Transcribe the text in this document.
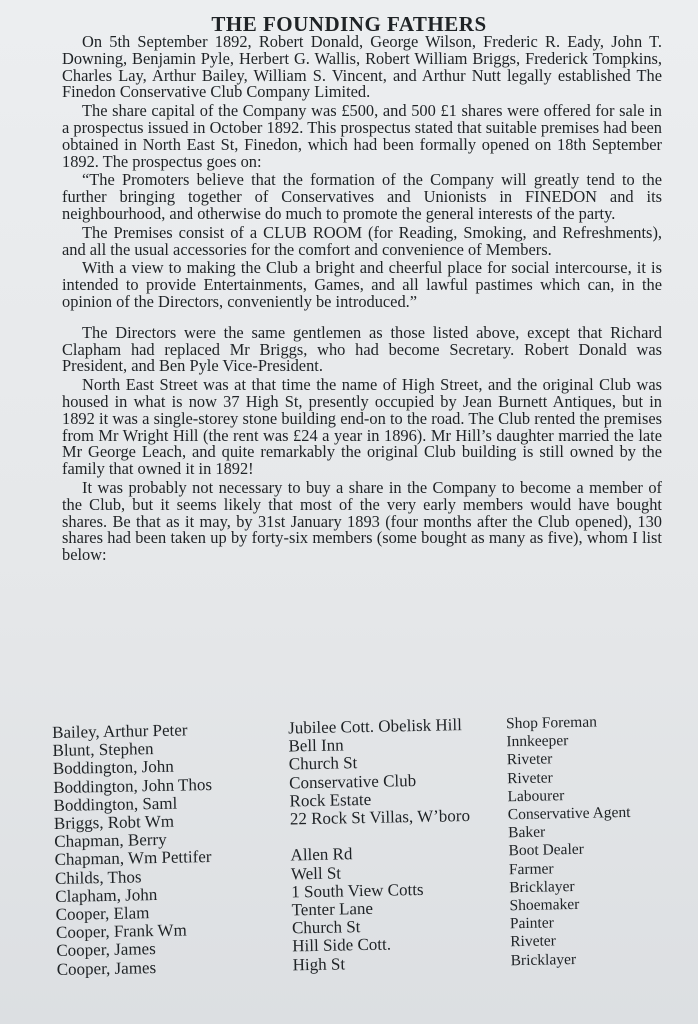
THE FOUNDING FATHERS

On 5th September 1892, Robert Donald, George Wilson, Frederic R. Eady, John T. Downing, Benjamin Pyle, Herbert G. Wallis, Robert William Briggs, Frederick Tompkins, Charles Lay, Arthur Bailey, William S. Vincent, and Arthur Nutt legally established The Finedon Conservative Club Company Limited.

The share capital of the Company was £500, and 500 £1 shares were offered for sale in a prospectus issued in October 1892. This prospectus stated that suitable premises had been obtained in North East St, Finedon, which had been formally opened on 18th September 1892. The prospectus goes on:

“The Promoters believe that the formation of the Company will greatly tend to the further bringing together of Conservatives and Unionists in FINEDON and its neighbourhood, and otherwise do much to promote the general interests of the party.

The Premises consist of a CLUB ROOM (for Reading, Smoking, and Refreshments), and all the usual accessories for the comfort and convenience of Members.

With a view to making the Club a bright and cheerful place for social intercourse, it is intended to provide Entertainments, Games, and all lawful pastimes which can, in the opinion of the Directors, conveniently be introduced.”

The Directors were the same gentlemen as those listed above, except that Richard Clapham had replaced Mr Briggs, who had become Secretary. Robert Donald was President, and Ben Pyle Vice-President.

North East Street was at that time the name of High Street, and the original Club was housed in what is now 37 High St, presently occupied by Jean Burnett Antiques, but in 1892 it was a single-storey stone building end-on to the road. The Club rented the premises from Mr Wright Hill (the rent was £24 a year in 1896). Mr Hill’s daughter married the late Mr George Leach, and quite remarkably the original Club building is still owned by the family that owned it in 1892!

It was probably not necessary to buy a share in the Company to become a member of the Club, but it seems likely that most of the very early members would have bought shares. Be that as it may, by 31st January 1893 (four months after the Club opened), 130 shares had been taken up by forty-six members (some bought as many as five), whom I list below:

Bailey, Arthur Peter	Jubilee Cott. Obelisk Hill	Shop Foreman
Blunt, Stephen	Bell Inn	Innkeeper
Boddington, John	Church St	Riveter
Boddington, John Thos	Conservative Club	Riveter
Boddington, Saml	Rock Estate	Labourer
Briggs, Robt Wm	22 Rock St Villas, W’boro	Conservative Agent
Chapman, Berry		Baker
Chapman, Wm Pettifer	Allen Rd	Boot Dealer
Childs, Thos	Well St	Farmer
Clapham, John	1 South View Cotts	Bricklayer
Cooper, Elam	Tenter Lane	Shoemaker
Cooper, Frank Wm	Church St	Painter
Cooper, James	Hill Side Cott.	Riveter
Cooper, James	High St	Bricklayer
